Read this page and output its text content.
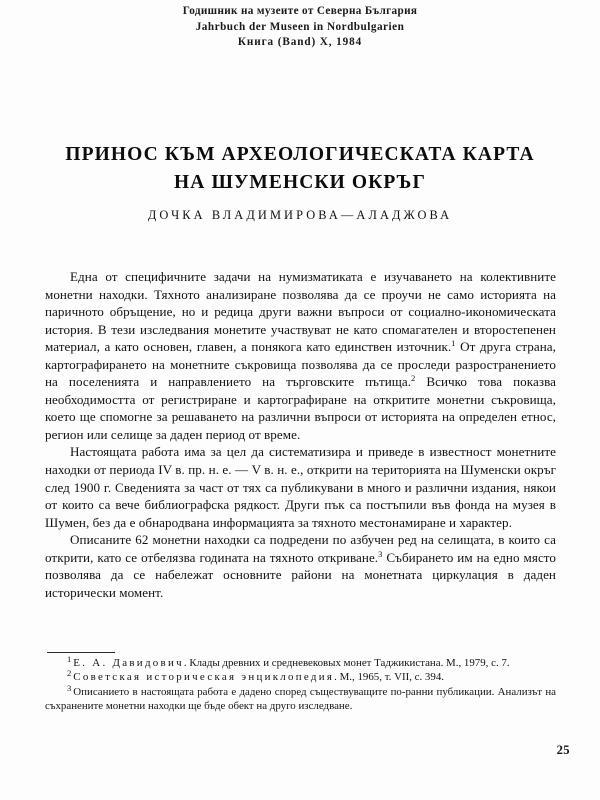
Годишник на музеите от Северна България
Jahrbuch der Museen in Nordbulgarien
Книга (Band) X, 1984
ПРИНОС КЪМ АРХЕОЛОГИЧЕСКАТА КАРТА
НА ШУМЕНСКИ ОКРЪГ
ДОЧКА ВЛАДИМИРОВА—АЛАДЖОВА

Една от специфичните задачи на нумизматиката е изучаването на колективните монетни находки. Тяхното анализиране позволява да се проучи не само историята на паричното обръщение, но и редица други важни въпроси от социално-икономическата история. В тези изследвания монетите участвуват не като спомагателен и второстепенен материал, а като основен, главен, а понякога като единствен източник.$^1$ От друга страна, картографирането на монетните съкровища позволява да се проследи разространението на поселенията и направлението на търговските пътища.$^2$ Всичко това показва необходимостта от регистриране и картографиране на откритите монетни съкровища, което ще спомогне за решаването на различни въпроси от историята на определен етнос, регион или селище за даден период от време.

Настоящата работа има за цел да систематизира и приведе в известност монетните находки от периода IV в. пр. н. е. — V в. н. е., открити на територията на Шуменски окръг след 1900 г. Сведенията за част от тях са публикувани в много и различни издания, някои от които са вече библиографска рядкост. Други пък са постъпили във фонда на музея в Шумен, без да е обнародвана информацията за тяхното местонамиране и характер.

Описаните 62 монетни находки са подредени по азбучен ред на селищата, в които са открити, като се отбелязва годината на тяхното откриване.$^3$ Събирането им на едно място позволява да се набележат основните райони на монетната циркулация в даден исторически момент.

$^1$ Е. А. Давидович. Клады древних и средневековых монет Таджикистана. М., 1979, с. 7.

$^2$ Советская историческая энциклопедия. М., 1965, т. VII, с. 394.

$^3$ Описанието в настоящата работа е дадено според съществуващите по-ранни публикации. Анализът на съхранените монетни находки ще бъде обект на друго изследване.

25
